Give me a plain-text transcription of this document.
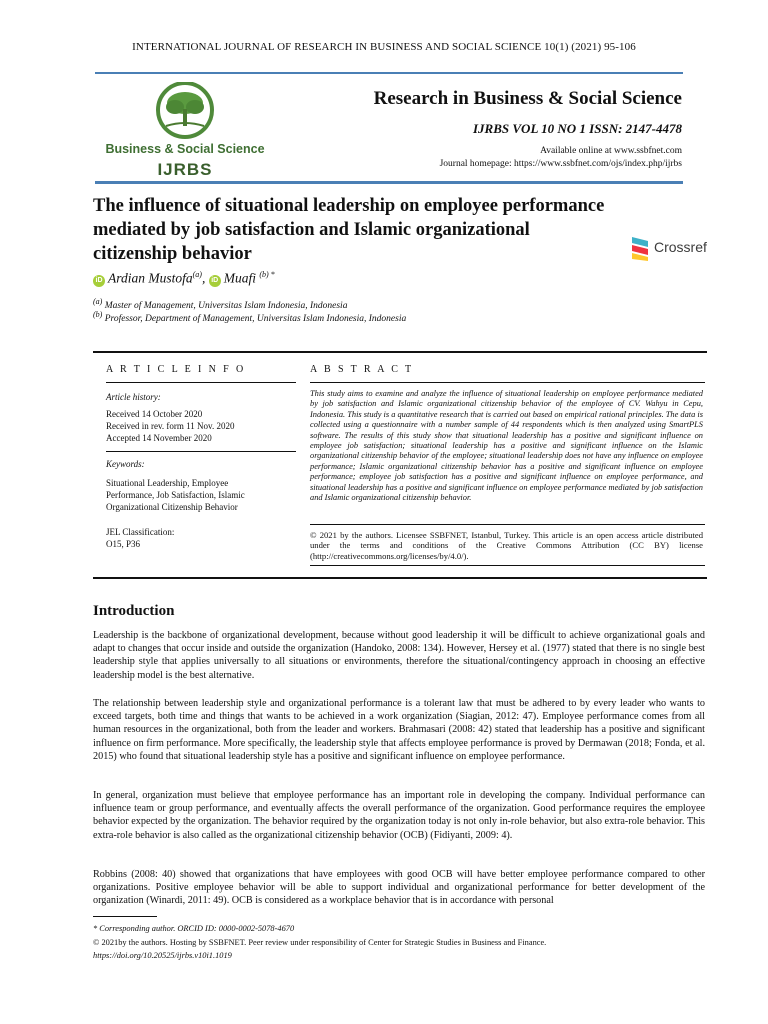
INTERNATIONAL JOURNAL OF RESEARCH IN BUSINESS AND SOCIAL SCIENCE 10(1) (2021) 95-106
Business & Social Science
IJRBS
Research in Business & Social Science
IJRBS VOL 10 NO 1 ISSN: 2147-4478
Available online at www.ssbfnet.com
Journal homepage: https://www.ssbfnet.com/ojs/index.php/ijrbs
The influence of situational leadership on employee performance
mediated by job satisfaction and Islamic organizational
citizenship behavior	Crossref
iD Ardian Mustofa$^{(a)}$, iD Muafi $^{(b) *}$
$^{(a)}$ Master of Management, Universitas Islam Indonesia, Indonesia
$^{(b)}$ Professor, Department of Management, Universitas Islam Indonesia, Indonesia
A R T I C L E I N F O	A B S T R A C T
Article history:
Received 14 October 2020
Received in rev. form 11 Nov. 2020
Accepted 14 November 2020
Keywords:
Situational Leadership, Employee
Performance, Job Satisfaction, Islamic
Organizational Citizenship Behavior
JEL Classification:
O15, P36
This study aims to examine and analyze the influence of situational leadership on employee performance mediated by job satisfaction and Islamic organizational citizenship behavior of the employee of CV. Wahyu in Cepu, Indonesia. This study is a quantitative research that is carried out based on empirical rational principles. The data is collected using a questionnaire with a number sample of 44 respondents which is then analyzed using SmartPLS software. The results of this study show that situational leadership has a positive and significant influence on employee job satisfaction; situational leadership has a positive and significant influence on the Islamic organizational citizenship behavior of the employee; situational leadership does not have any influence on employee performance; Islamic organizational citizenship behavior has a positive and significant influence on employee performance; employee job satisfaction has a positive and significant influence on employee performance, and situational leadership has a positive and significant influence on employee performance mediated by job satisfaction and Islamic organizational citizenship behavior.
© 2021 by the authors. Licensee SSBFNET, Istanbul, Turkey. This article is an open access article distributed under the terms and conditions of the Creative Commons Attribution (CC BY) license (http://creativecommons.org/licenses/by/4.0/).
Introduction

Leadership is the backbone of organizational development, because without good leadership it will be difficult to achieve organizational goals and adapt to changes that occur inside and outside the organization (Handoko, 2008: 134). However, Hersey et al. (1977) stated that there is no single best leadership style that applies universally to all situations or environments, therefore the situational/contingency approach in choosing an effective leadership model is the best alternative.

The relationship between leadership style and organizational performance is a tolerant law that must be adhered to by every leader who wants to exceed targets, both time and things that wants to be achieved in a work organization (Siagian, 2012: 47). Employee performance comes from all human resources in the organizational, both from the leader and workers. Brahmasari (2008: 42) stated that leadership has a positive and significant influence on firm performance. More specifically, the leadership style that affects employee performance is proved by Dermawan (2018; Fonda, et al. 2015) who found that situational leadership style has a positive and significant influence on employee performance.

In general, organization must believe that employee performance has an important role in developing the company. Individual performance can influence team or group performance, and eventually affects the overall performance of the organization. Good performance requires the employee behavior expected by the organization. The behavior required by the organization today is not only in-role behavior, but also extra-role behavior. This extra-role behavior is also called as the organizational citizenship behavior (OCB) (Fidiyanti, 2009: 4).

Robbins (2008: 40) showed that organizations that have employees with good OCB will have better employee performance compared to other organizations. Positive employee behavior will be able to support individual and organizational performance for better development of the organization (Winardi, 2011: 49). OCB is considered as a workplace behavior that is in accordance with personal

* Corresponding author. ORCID ID: 0000-0002-5078-4670
© 2021by the authors. Hosting by SSBFNET. Peer review under responsibility of Center for Strategic Studies in Business and Finance.
https://doi.org/10.20525/ijrbs.v10i1.1019
